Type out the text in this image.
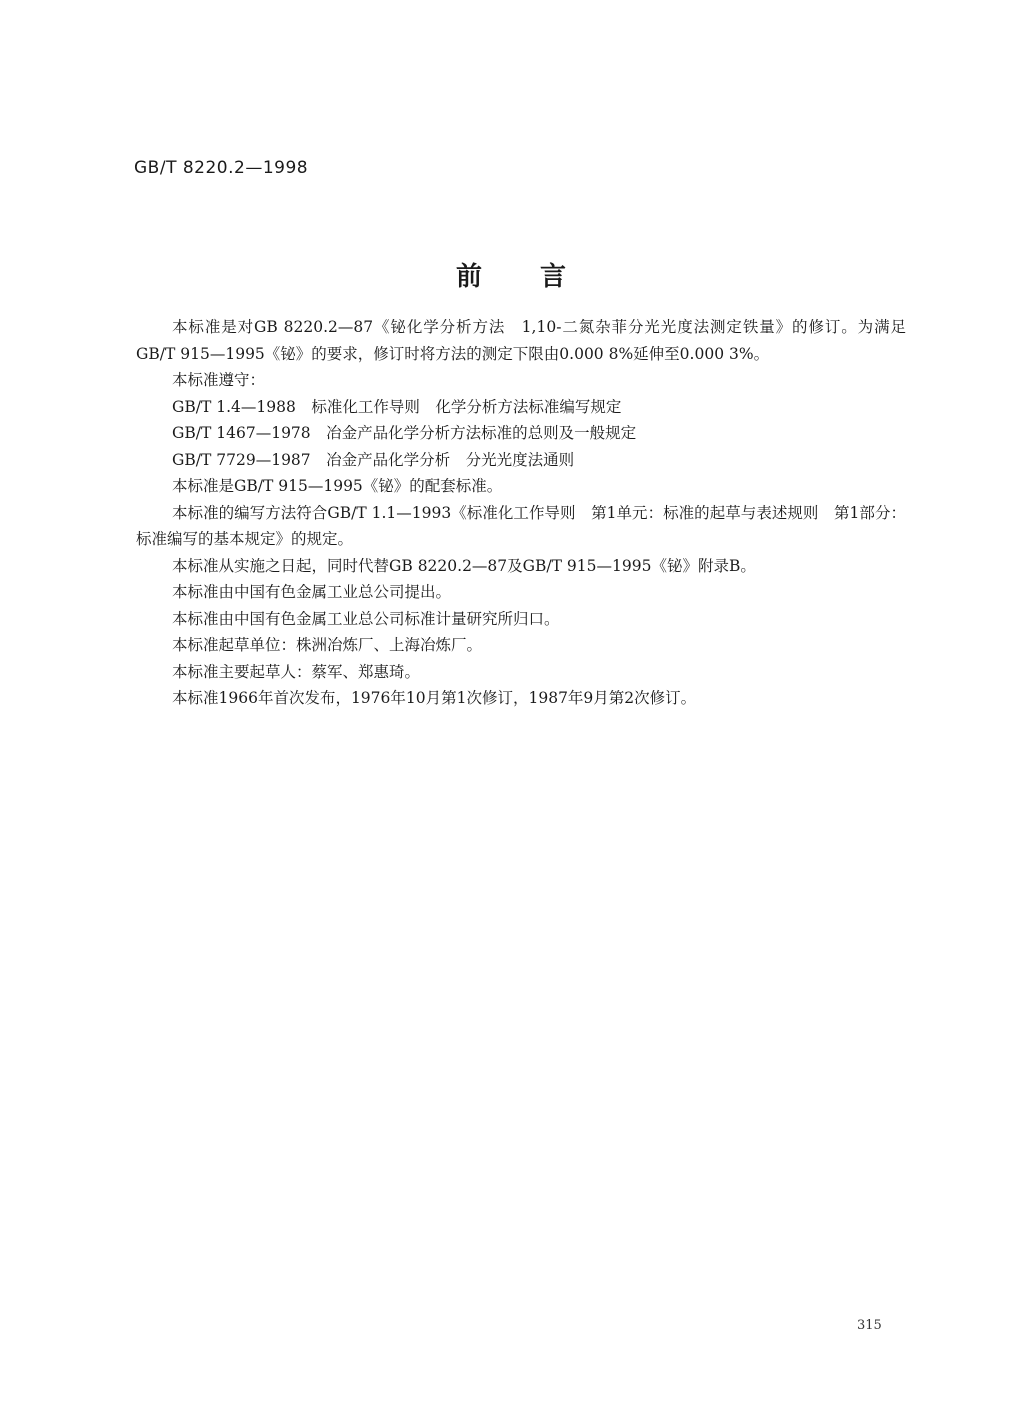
GB/T 8220.2—1998
前　　言

本标准是对GB 8220.2—87《铋化学分析方法　1,10-二氮杂菲分光光度法测定铁量》的修订。为满足GB/T 915—1995《铋》的要求，修订时将方法的测定下限由0.000 8%延伸至0.000 3%。

本标准遵守：

GB/T 1.4—1988　标准化工作导则　化学分析方法标准编写规定

GB/T 1467—1978　冶金产品化学分析方法标准的总则及一般规定

GB/T 7729—1987　冶金产品化学分析　分光光度法通则

本标准是GB/T 915—1995《铋》的配套标准。

本标准的编写方法符合GB/T 1.1—1993《标准化工作导则　第1单元：标准的起草与表述规则　第1部分：标准编写的基本规定》的规定。

本标准从实施之日起，同时代替GB 8220.2—87及GB/T 915—1995《铋》附录B。

本标准由中国有色金属工业总公司提出。

本标准由中国有色金属工业总公司标准计量研究所归口。

本标准起草单位：株洲冶炼厂、上海冶炼厂。

本标准主要起草人：蔡军、郑惠琦。

本标准1966年首次发布，1976年10月第1次修订，1987年9月第2次修订。

315
